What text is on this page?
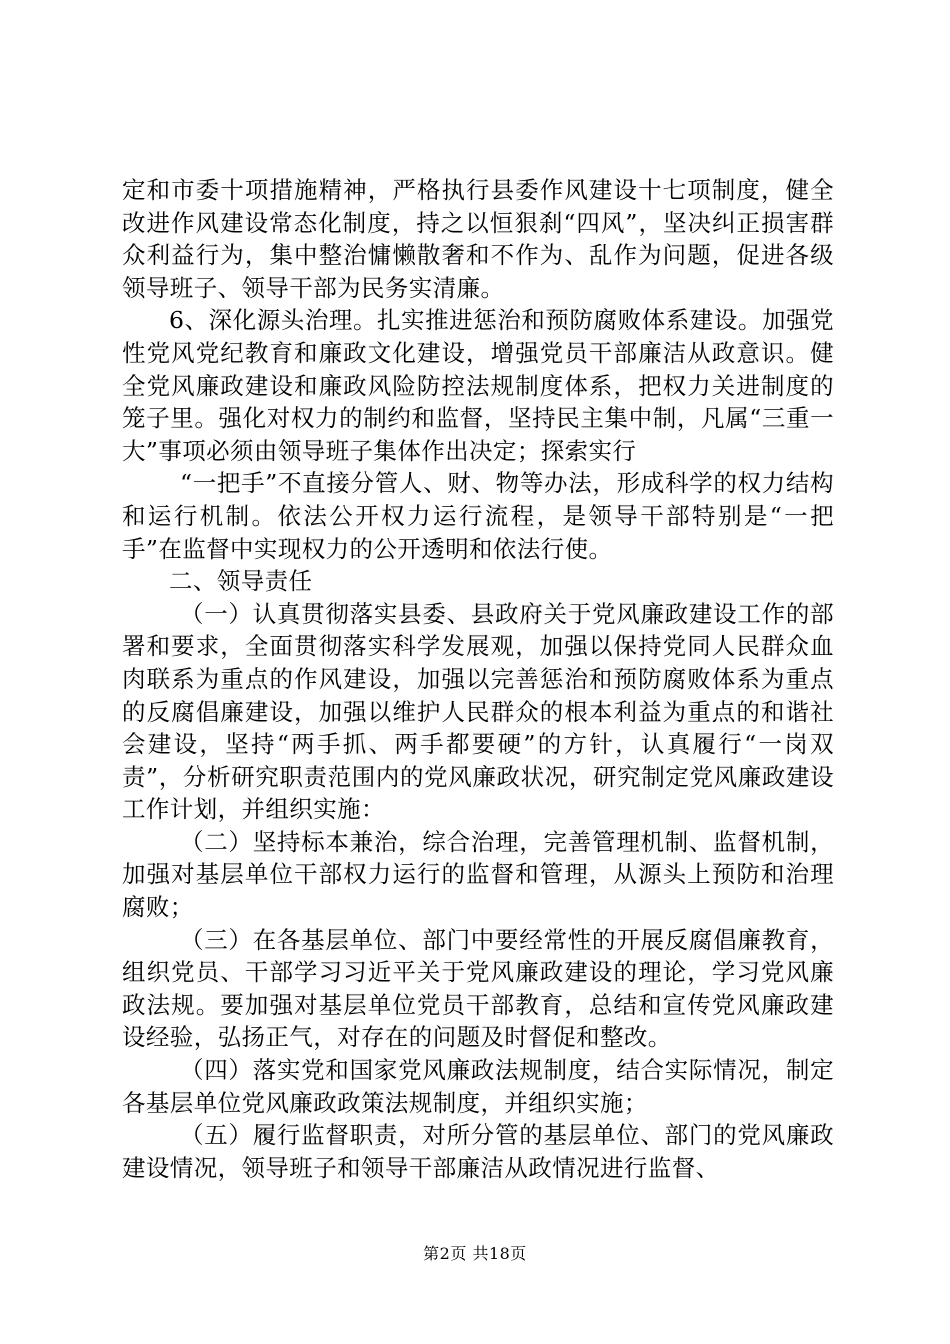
定和市委十项措施精神，严格执行县委作风建设十七项制度，健全改进作风建设常态化制度，持之以恒狠刹“四风”，坚决纠正损害群众利益行为，集中整治慵懒散奢和不作为、乱作为问题，促进各级领导班子、领导干部为民务实清廉。

6、深化源头治理。扎实推进惩治和预防腐败体系建设。加强党性党风党纪教育和廉政文化建设，增强党员干部廉洁从政意识。健全党风廉政建设和廉政风险防控法规制度体系，把权力关进制度的笼子里。强化对权力的制约和监督，坚持民主集中制，凡属“三重一大”事项必须由领导班子集体作出决定；探索实行

“一把手”不直接分管人、财、物等办法，形成科学的权力结构和运行机制。依法公开权力运行流程，是领导干部特别是“一把手”在监督中实现权力的公开透明和依法行使。

二、领导责任

（一）认真贯彻落实县委、县政府关于党风廉政建设工作的部署和要求，全面贯彻落实科学发展观，加强以保持党同人民群众血肉联系为重点的作风建设，加强以完善惩治和预防腐败体系为重点的反腐倡廉建设，加强以维护人民群众的根本利益为重点的和谐社会建设，坚持“两手抓、两手都要硬”的方针，认真履行“一岗双责”，分析研究职责范围内的党风廉政状况，研究制定党风廉政建设工作计划，并组织实施：

（二）坚持标本兼治，综合治理，完善管理机制、监督机制，加强对基层单位干部权力运行的监督和管理，从源头上预防和治理腐败；

（三）在各基层单位、部门中要经常性的开展反腐倡廉教育，组织党员、干部学习习近平关于党风廉政建设的理论，学习党风廉政法规。要加强对基层单位党员干部教育，总结和宣传党风廉政建设经验，弘扬正气，对存在的问题及时督促和整改。

（四）落实党和国家党风廉政法规制度，结合实际情况，制定各基层单位党风廉政政策法规制度，并组织实施；

（五）履行监督职责，对所分管的基层单位、部门的党风廉政建设情况，领导班子和领导干部廉洁从政情况进行监督、

第2页 共18页
